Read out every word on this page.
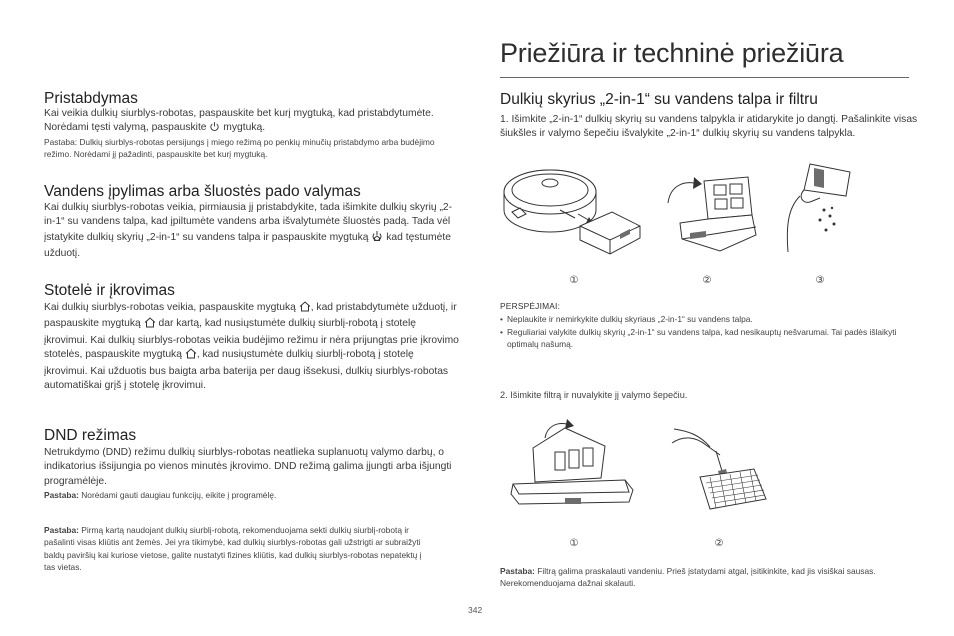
Pristabdymas
Kai veikia dulkių siurblys-robotas, paspauskite bet kurį mygtuką, kad pristabdytumėte. Norėdami tęsti valymą, paspauskite mygtuką.
Pastaba: Dulkių siurblys-robotas persijungs į miego režimą po penkių minučių pristabdymo arba budėjimo režimo. Norėdami jį pažadinti, paspauskite bet kurį mygtuką.
Vandens įpylimas arba šluostės pado valymas
Kai dulkių siurblys-robotas veikia, pirmiausia jį pristabdykite, tada išimkite dulkių skyrių „2-in-1“ su vandens talpa, kad įpiltumėte vandens arba išvalytumėte šluostės padą. Tada vėl įstatykite dulkių skyrių „2-in-1“ su vandens talpa ir paspauskite mygtuką kad tęstumėte užduotį.
Stotelė ir įkrovimas
Kai dulkių siurblys-robotas veikia, paspauskite mygtuką , kad pristabdytumėte užduotį, ir paspauskite mygtuką dar kartą, kad nusiųstumėte dulkių siurblį-robotą į stotelę įkrovimui. Kai dulkių siurblys-robotas veikia budėjimo režimu ir nėra prijungtas prie įkrovimo stotelės, paspauskite mygtuką , kad nusiųstumėte dulkių siurblį-robotą į stotelę įkrovimui. Kai užduotis bus baigta arba baterija per daug išsekusi, dulkių siurblys-robotas automatiškai grįš į stotelę įkrovimui.
DND režimas
Netrukdymo (DND) režimu dulkių siurblys-robotas neatlieka suplanuotų valymo darbų, o indikatorius išsijungia po vienos minutės įkrovimo. DND režimą galima įjungti arba išjungti programėlėje.
Pastaba: Norėdami gauti daugiau funkcijų, eikite į programėlę.
Pastaba: Pirmą kartą naudojant dulkių siurblį-robotą, rekomenduojama sekti dulkių siurblį-robotą ir pašalinti visas kliūtis ant žemės. Jei yra tikimybė, kad dulkių siurblys-robotas gali užstrigti ar subraižyti baldų paviršių kai kuriose vietose, galite nustatyti fizines kliūtis, kad dulkių siurblys-robotas nepatektų į tas vietas.
Priežiūra ir techninė priežiūra
Dulkių skyrius „2-in-1“ su vandens talpa ir filtru
1. Išimkite „2-in-1“ dulkių skyrių su vandens talpykla ir atidarykite jo dangtį. Pašalinkite visas šiukšles ir valymo šepečiu išvalykite „2-in-1“ dulkių skyrių su vandens talpykla.
①	②	③
PERSPĖJIMAI:
• Neplaukite ir nemirkykite dulkių skyriaus „2-in-1“ su vandens talpa.
• Reguliariai valykite dulkių skyrių „2-in-1“ su vandens talpa, kad nesikauptų nešvarumai. Tai padės išlaikyti optimalų našumą.
2. Išimkite filtrą ir nuvalykite jį valymo šepečiu.
①	②
Pastaba: Filtrą galima praskalauti vandeniu. Prieš įstatydami atgal, įsitikinkite, kad jis visiškai sausas. Nerekomenduojama dažnai skalauti.
342
